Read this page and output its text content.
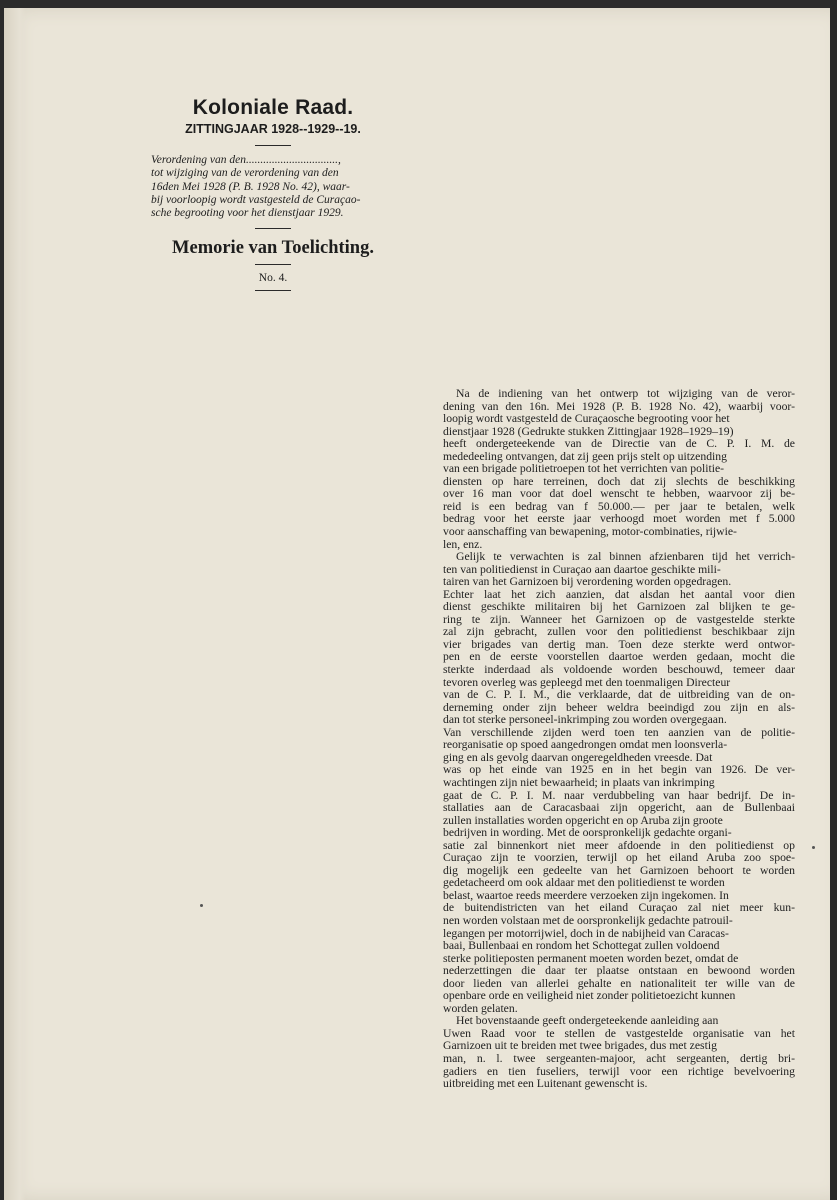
Koloniale Raad.
ZITTINGJAAR 1928--1929--19.
Verordening van den................................,
tot wijziging van de verordening van den
16den Mei 1928 (P. B. 1928 No. 42), waar-
bij voorloopig wordt vastgesteld de Curaçao-
sche begrooting voor het dienstjaar 1929.
Memorie van Toelichting.
No. 4.
Na de indiening van het ontwerp tot wijziging van de veror-
dening van den 16n. Mei 1928 (P. B. 1928 No. 42), waarbij voor-
loopig wordt vastgesteld de Curaçaosche begrooting voor het
dienstjaar 1928 (Gedrukte stukken Zittingjaar 1928–1929–19)
heeft ondergeteekende van de Directie van de C. P. I. M. de
mededeeling ontvangen, dat zij geen prijs stelt op uitzending
van een brigade politietroepen tot het verrichten van politie-
diensten op hare terreinen, doch dat zij slechts de beschikking
over 16 man voor dat doel wenscht te hebben, waarvoor zij be-
reid is een bedrag van f 50.000.— per jaar te betalen, welk
bedrag voor het eerste jaar verhoogd moet worden met f 5.000
voor aanschaffing van bewapening, motor-combinaties, rijwie-
len, enz.
Gelijk te verwachten is zal binnen afzienbaren tijd het verrich-
ten van politiedienst in Curaçao aan daartoe geschikte mili-
tairen van het Garnizoen bij verordening worden opgedragen.
Echter laat het zich aanzien, dat alsdan het aantal voor dien
dienst geschikte militairen bij het Garnizoen zal blijken te ge-
ring te zijn. Wanneer het Garnizoen op de vastgestelde sterkte
zal zijn gebracht, zullen voor den politiedienst beschikbaar zijn
vier brigades van dertig man. Toen deze sterkte werd ontwor-
pen en de eerste voorstellen daartoe werden gedaan, mocht die
sterkte inderdaad als voldoende worden beschouwd, temeer daar
tevoren overleg was gepleegd met den toenmaligen Directeur
van de C. P. I. M., die verklaarde, dat de uitbreiding van de on-
derneming onder zijn beheer weldra beeindigd zou zijn en als-
dan tot sterke personeel-inkrimping zou worden overgegaan.
Van verschillende zijden werd toen ten aanzien van de politie-
reorganisatie op spoed aangedrongen omdat men loonsverla-
ging en als gevolg daarvan ongeregeldheden vreesde. Dat
was op het einde van 1925 en in het begin van 1926. De ver-
wachtingen zijn niet bewaarheid; in plaats van inkrimping
gaat de C. P. I. M. naar verdubbeling van haar bedrijf. De in-
stallaties aan de Caracasbaai zijn opgericht, aan de Bullenbaai
zullen installaties worden opgericht en op Aruba zijn groote
bedrijven in wording. Met de oorspronkelijk gedachte organi-
satie zal binnenkort niet meer afdoende in den politiedienst op
Curaçao zijn te voorzien, terwijl op het eiland Aruba zoo spoe-
dig mogelijk een gedeelte van het Garnizoen behoort te worden
gedetacheerd om ook aldaar met den politiedienst te worden
belast, waartoe reeds meerdere verzoeken zijn ingekomen. In
de buitendistricten van het eiland Curaçao zal niet meer kun-
nen worden volstaan met de oorspronkelijk gedachte patrouil-
legangen per motorrijwiel, doch in de nabijheid van Caracas-
baai, Bullenbaai en rondom het Schottegat zullen voldoend
sterke politieposten permanent moeten worden bezet, omdat de
nederzettingen die daar ter plaatse ontstaan en bewoond worden
door lieden van allerlei gehalte en nationaliteit ter wille van de
openbare orde en veiligheid niet zonder politietoezicht kunnen
worden gelaten.
Het bovenstaande geeft ondergeteekende aanleiding aan
Uwen Raad voor te stellen de vastgestelde organisatie van het
Garnizoen uit te breiden met twee brigades, dus met zestig
man, n. l. twee sergeanten-majoor, acht sergeanten, dertig bri-
gadiers en tien fuseliers, terwijl voor een richtige bevelvoering
uitbreiding met een Luitenant gewenscht is.
